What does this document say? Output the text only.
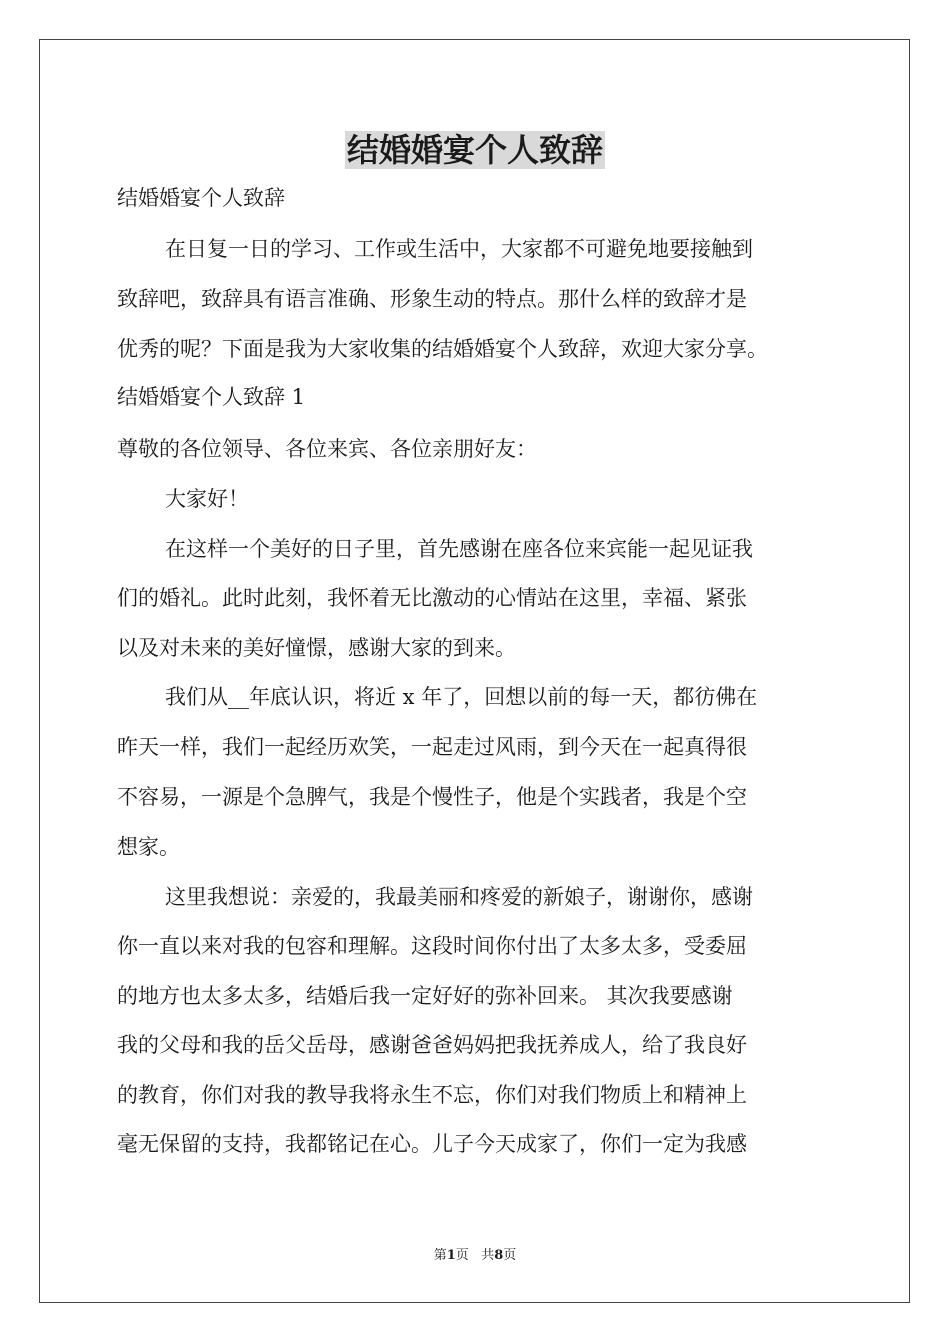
结婚婚宴个人致辞
结婚婚宴个人致辞
在日复一日的学习、工作或生活中，大家都不可避免地要接触到
致辞吧，致辞具有语言准确、形象生动的特点。那什么样的致辞才是
优秀的呢？下面是我为大家收集的结婚婚宴个人致辞，欢迎大家分享。
结婚婚宴个人致辞 1
尊敬的各位领导、各位来宾、各位亲朋好友：
大家好！
在这样一个美好的日子里，首先感谢在座各位来宾能一起见证我
们的婚礼。此时此刻，我怀着无比激动的心情站在这里，幸福、紧张
以及对未来的美好憧憬，感谢大家的到来。
我们从__年底认识，将近 x 年了，回想以前的每一天，都彷佛在
昨天一样，我们一起经历欢笑，一起走过风雨，到今天在一起真得很
不容易，一源是个急脾气，我是个慢性子，他是个实践者，我是个空
想家。
这里我想说：亲爱的，我最美丽和疼爱的新娘子，谢谢你，感谢
你一直以来对我的包容和理解。这段时间你付出了太多太多，受委屈
的地方也太多太多，结婚后我一定好好的弥补回来。 其次我要感谢
我的父母和我的岳父岳母，感谢爸爸妈妈把我抚养成人，给了我良好
的教育，你们对我的教导我将永生不忘，你们对我们物质上和精神上
毫无保留的支持，我都铭记在心。儿子今天成家了，你们一定为我感
第1页 共8页
